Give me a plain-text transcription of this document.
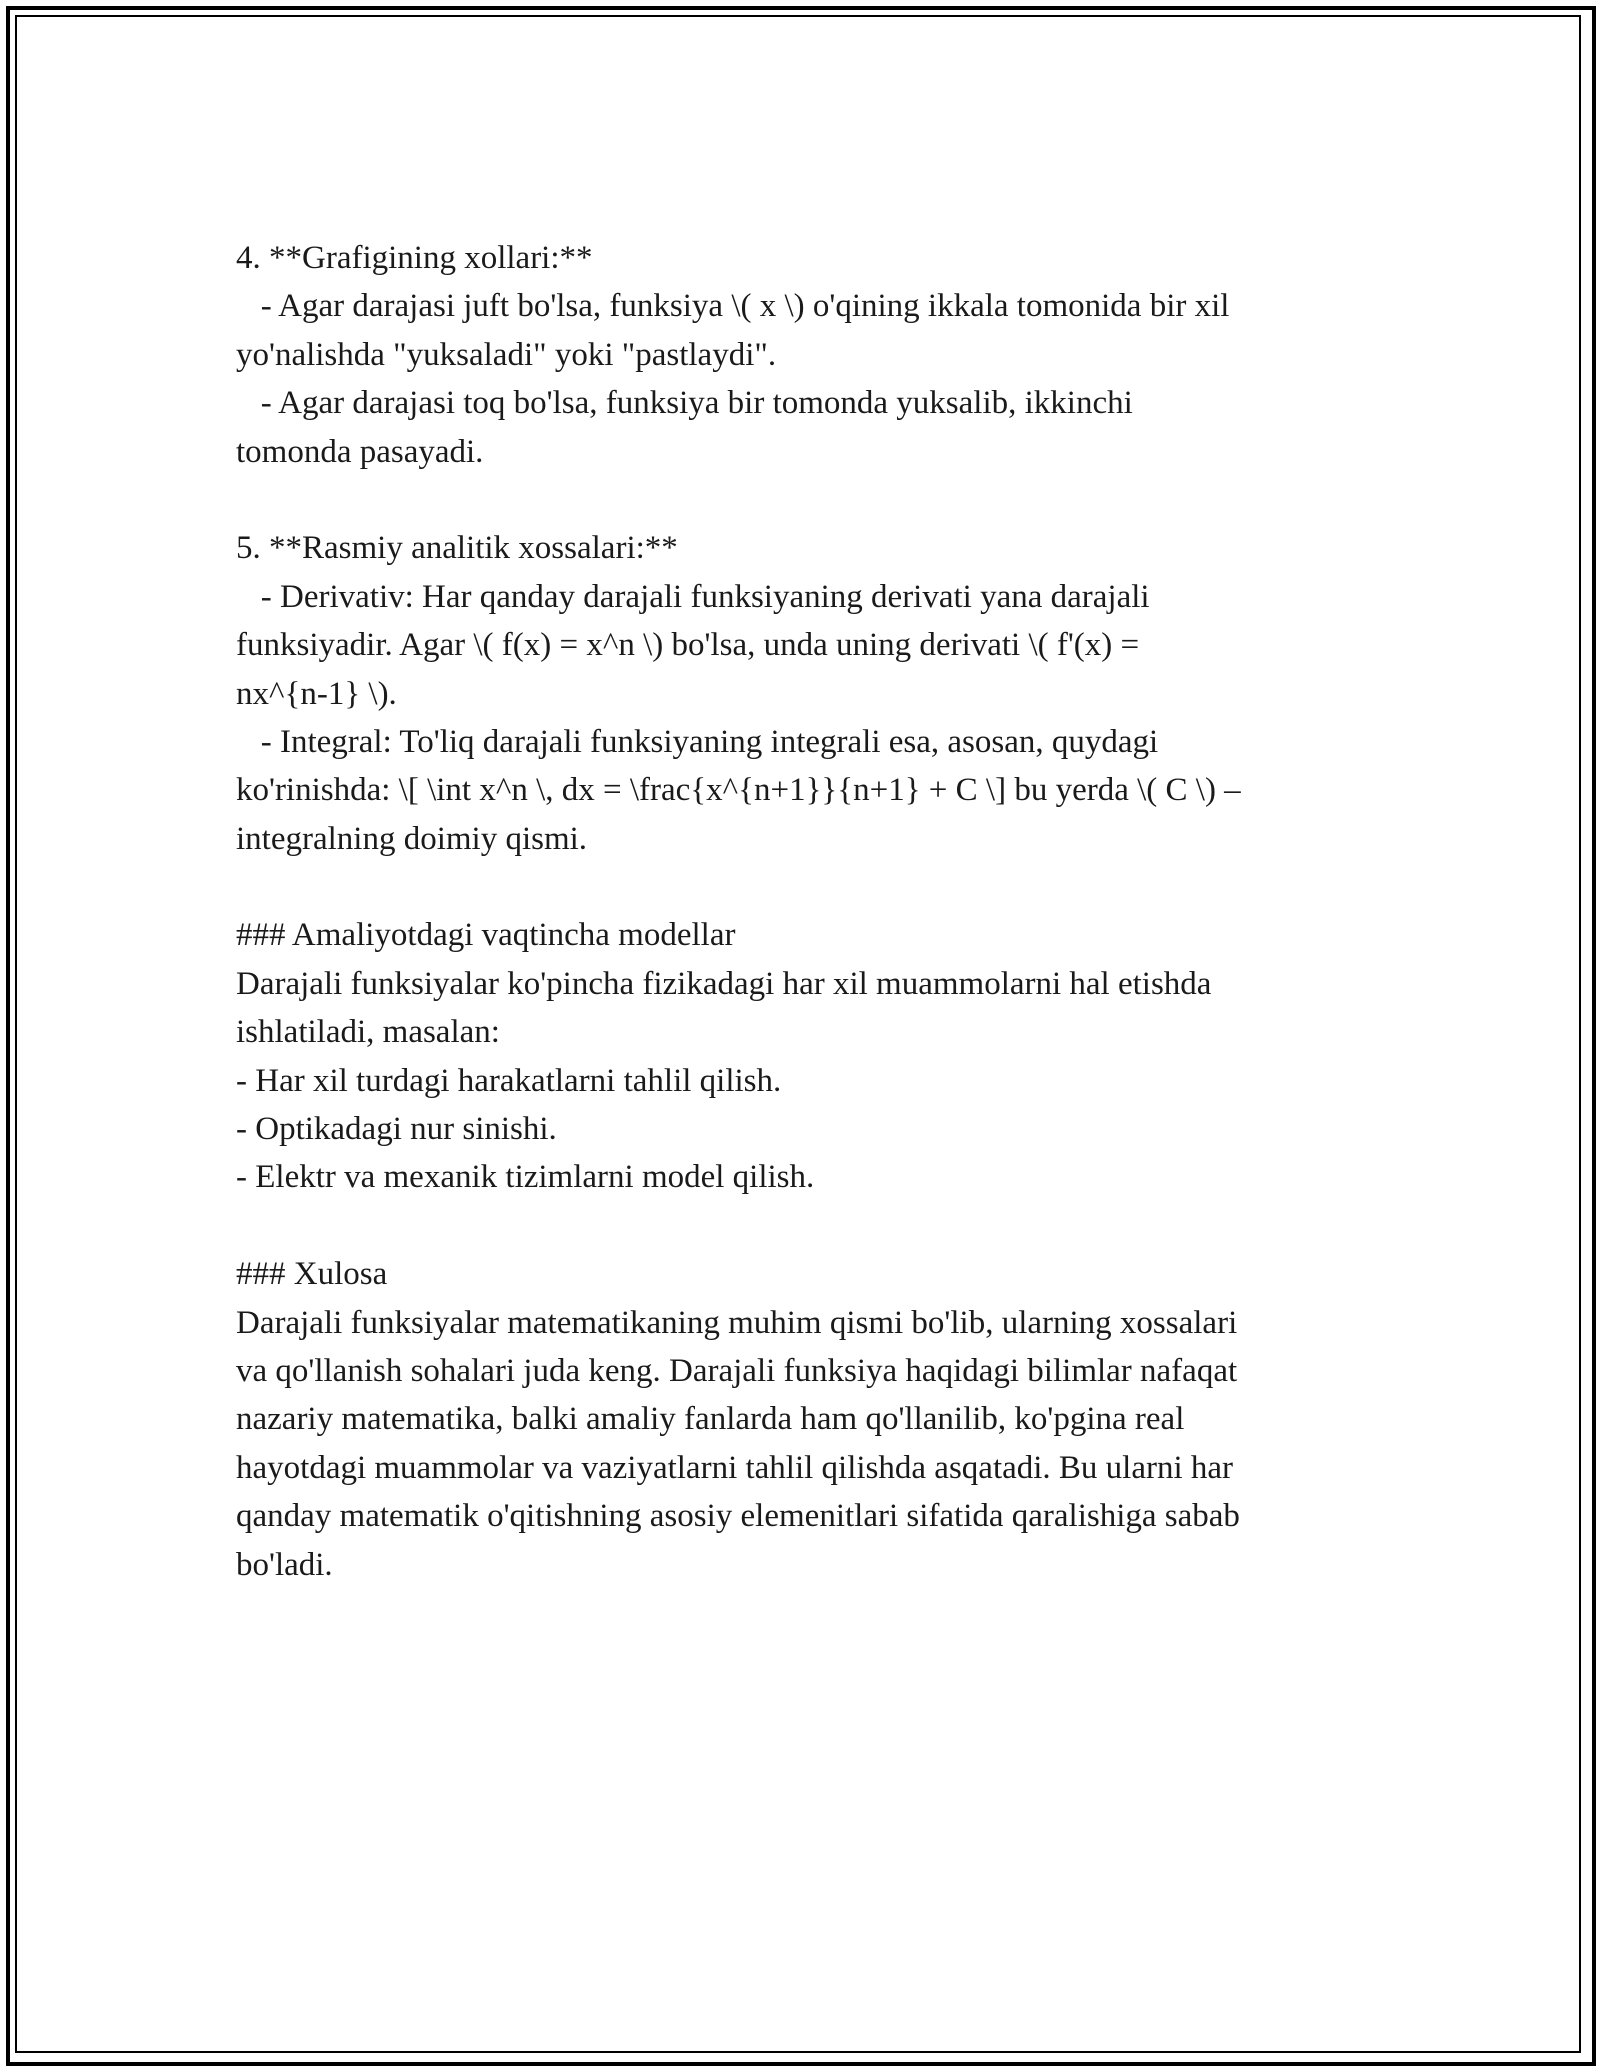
4. **Grafigining xollari:**
- Agar darajasi juft bo'lsa, funksiya \( x \) o'qining ikkala tomonida bir xil
yo'nalishda "yuksaladi" yoki "pastlaydi".
- Agar darajasi toq bo'lsa, funksiya bir tomonda yuksalib, ikkinchi
tomonda pasayadi.
5. **Rasmiy analitik xossalari:**
- Derivativ: Har qanday darajali funksiyaning derivati yana darajali
funksiyadir. Agar \( f(x) = x^n \) bo'lsa, unda uning derivati \( f'(x) =
nx^{n-1} \).
- Integral: To'liq darajali funksiyaning integrali esa, asosan, quydagi
ko'rinishda: \[ \int x^n \, dx = \frac{x^{n+1}}{n+1} + C \] bu yerda \( C \) –
integralning doimiy qismi.
### Amaliyotdagi vaqtincha modellar
Darajali funksiyalar ko'pincha fizikadagi har xil muammolarni hal etishda
ishlatiladi, masalan:
- Har xil turdagi harakatlarni tahlil qilish.
- Optikadagi nur sinishi.
- Elektr va mexanik tizimlarni model qilish.
### Xulosa
Darajali funksiyalar matematikaning muhim qismi bo'lib, ularning xossalari
va qo'llanish sohalari juda keng. Darajali funksiya haqidagi bilimlar nafaqat
nazariy matematika, balki amaliy fanlarda ham qo'llanilib, ko'pgina real
hayotdagi muammolar va vaziyatlarni tahlil qilishda asqatadi. Bu ularni har
qanday matematik o'qitishning asosiy elemenitlari sifatida qaralishiga sabab
bo'ladi.
